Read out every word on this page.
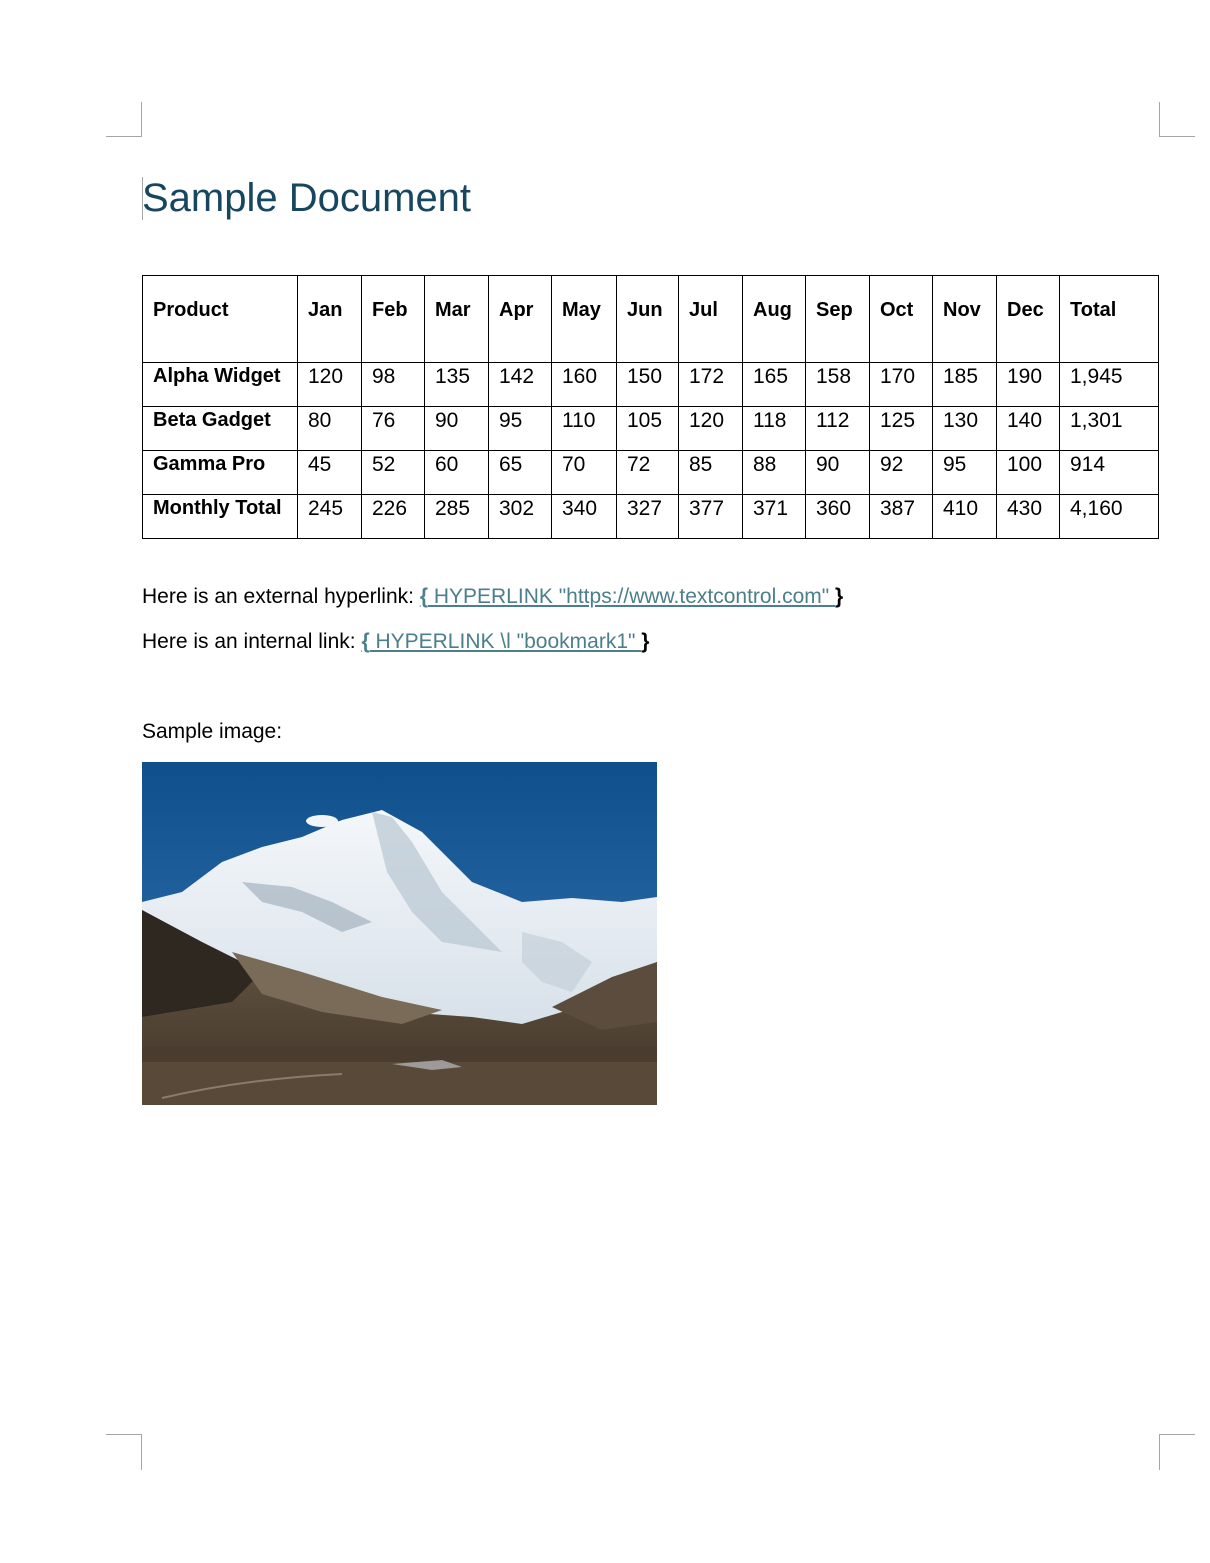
Sample Document
Product	Jan	Feb	Mar	Apr	May	Jun	Jul	Aug	Sep	Oct	Nov	Dec	Total
Alpha Widget	120	98	135	142	160	150	172	165	158	170	185	190	1,945
Beta Gadget	80	76	90	95	110	105	120	118	112	125	130	140	1,301
Gamma Pro	45	52	60	65	70	72	85	88	90	92	95	100	914
Monthly Total	245	226	285	302	340	327	377	371	360	387	410	430	4,160

Here is an external hyperlink: { HYPERLINK "https://www.textcontrol.com" }

Here is an internal link: { HYPERLINK \l "bookmark1" }

Sample image:
